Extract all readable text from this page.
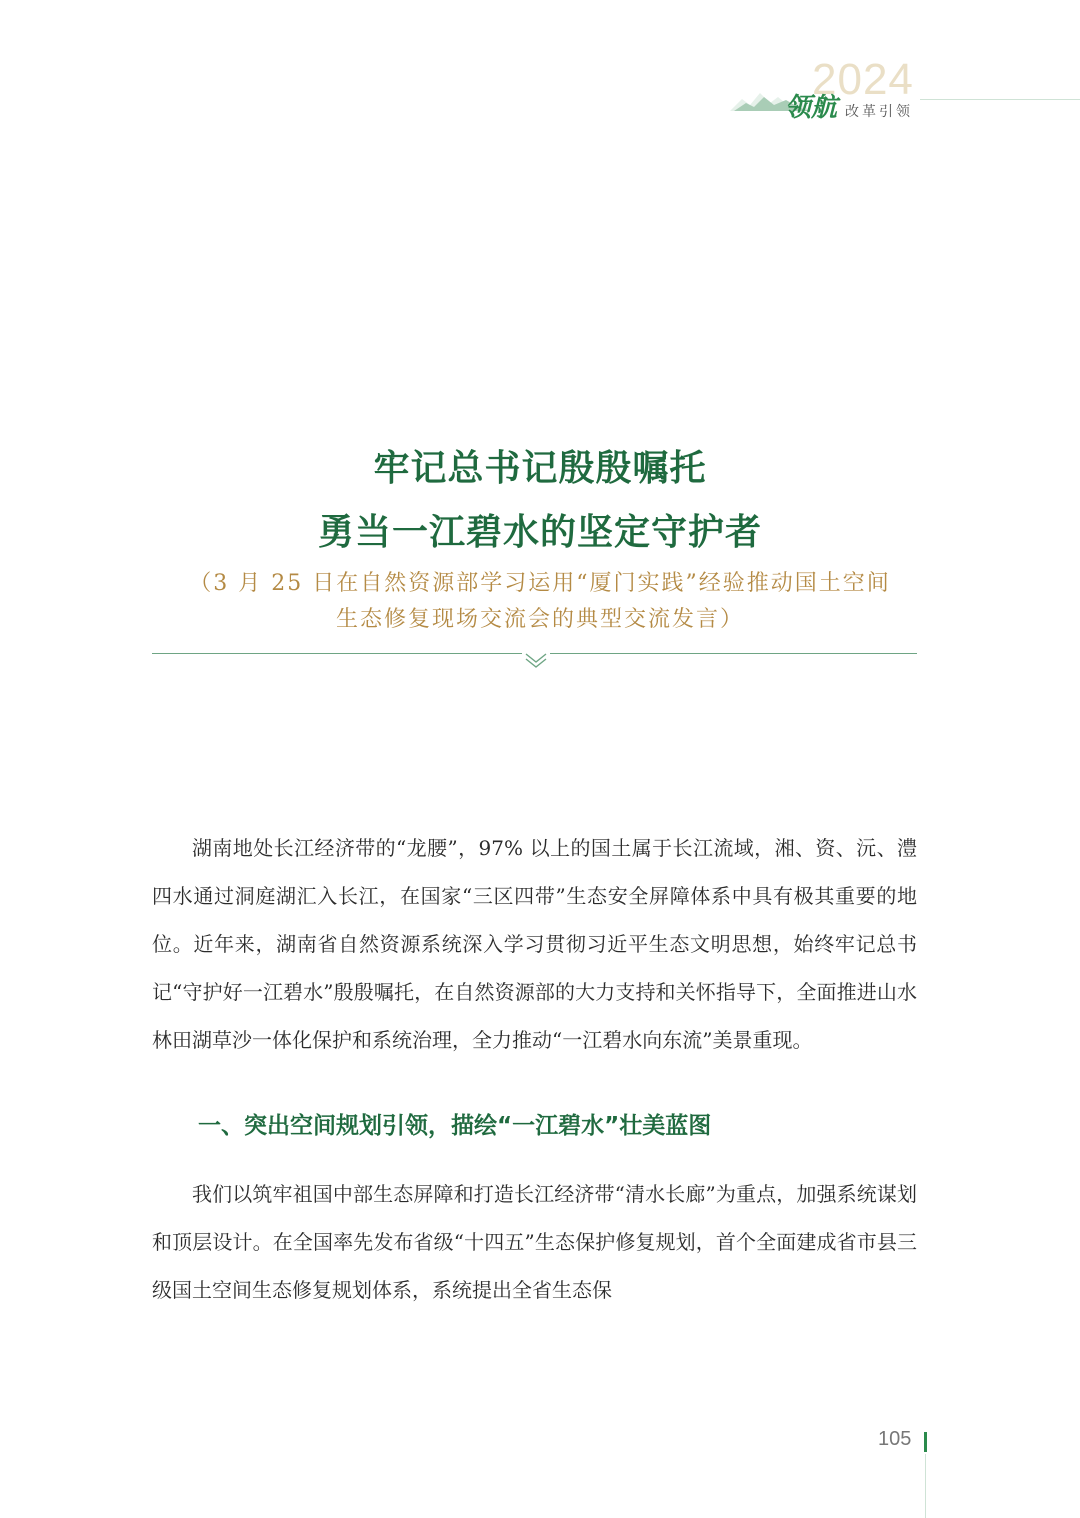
2024
领航 改革引领
牢记总书记殷殷嘱托
勇当一江碧水的坚定守护者
（3 月 25 日在自然资源部学习运用“厦门实践”经验推动国土空间
生态修复现场交流会的典型交流发言）

湖南地处长江经济带的“龙腰”，97% 以上的国土属于长江流域，湘、资、沅、澧四水通过洞庭湖汇入长江，在国家“三区四带”生态安全屏障体系中具有极其重要的地位。近年来，湖南省自然资源系统深入学习贯彻习近平生态文明思想，始终牢记总书记“守护好一江碧水”殷殷嘱托，在自然资源部的大力支持和关怀指导下，全面推进山水林田湖草沙一体化保护和系统治理，全力推动“一江碧水向东流”美景重现。

一、突出空间规划引领，描绘“一江碧水”壮美蓝图

我们以筑牢祖国中部生态屏障和打造长江经济带“清水长廊”为重点，加强系统谋划和顶层设计。在全国率先发布省级“十四五”生态保护修复规划，首个全面建成省市县三级国土空间生态修复规划体系，系统提出全省生态保

105
